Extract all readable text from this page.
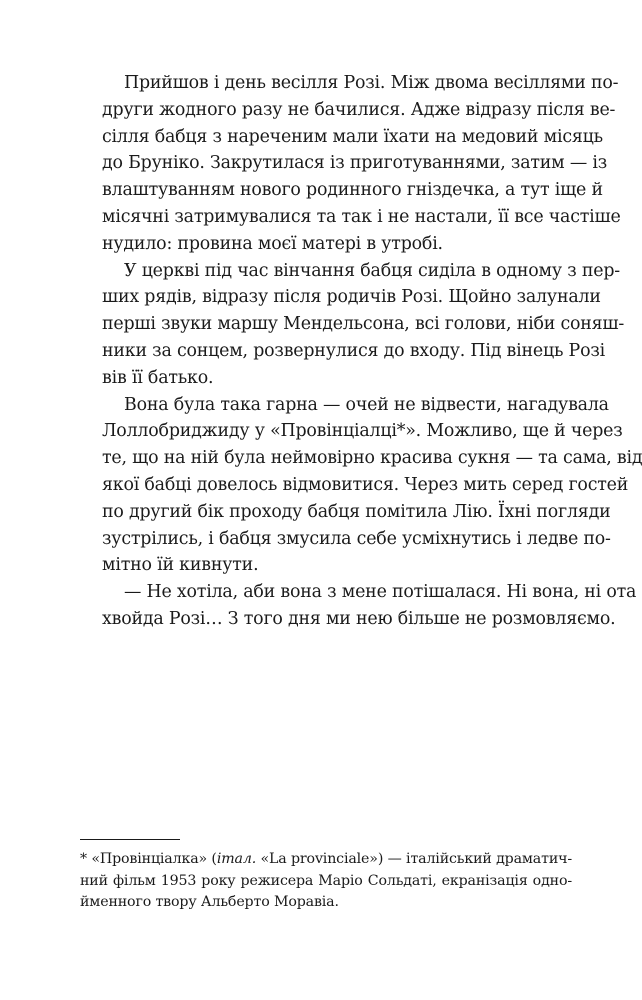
Прийшов і день весілля Розі. Між двома весіллями по-
други жодного разу не бачилися. Адже відразу після ве-
сілля бабця з нареченим мали їхати на медовий місяць
до Бруніко. Закрутилася із приготуваннями, затим — із
влаштуванням нового родинного гніздечка, а тут іще й
місячні затримувалися та так і не настали, її все частіше
нудило: провина моєї матері в утробі.

У церкві під час вінчання бабця сиділа в одному з пер-
ших рядів, відразу після родичів Розі. Щойно залунали
перші звуки маршу Мендельсона, всі голови, ніби соняш-
ники за сонцем, розвернулися до входу. Під вінець Розі
вів її батько.

Вона була така гарна — очей не відвести, нагадувала
Лоллобриджиду у «Провінціалці*». Можливо, ще й через
те, що на ній була неймовірно красива сукня — та сама, від
якої бабці довелось відмовитися. Через мить серед гостей
по другий бік проходу бабця помітила Лію. Їхні погляди
зустрілись, і бабця змусила себе усміхнутись і ледве по-
мітно їй кивнути.

— Не хотіла, аби вона з мене потішалася. Ні вона, ні ота
хвойда Розі… З того дня ми нею більше не розмовляємо.

* «Провінціалка» (італ. «La provinciale») — італійський драматич-
ний фільм 1953 року режисера Маріо Сольдаті, екранізація одно-
йменного твору Альберто Моравіа.
